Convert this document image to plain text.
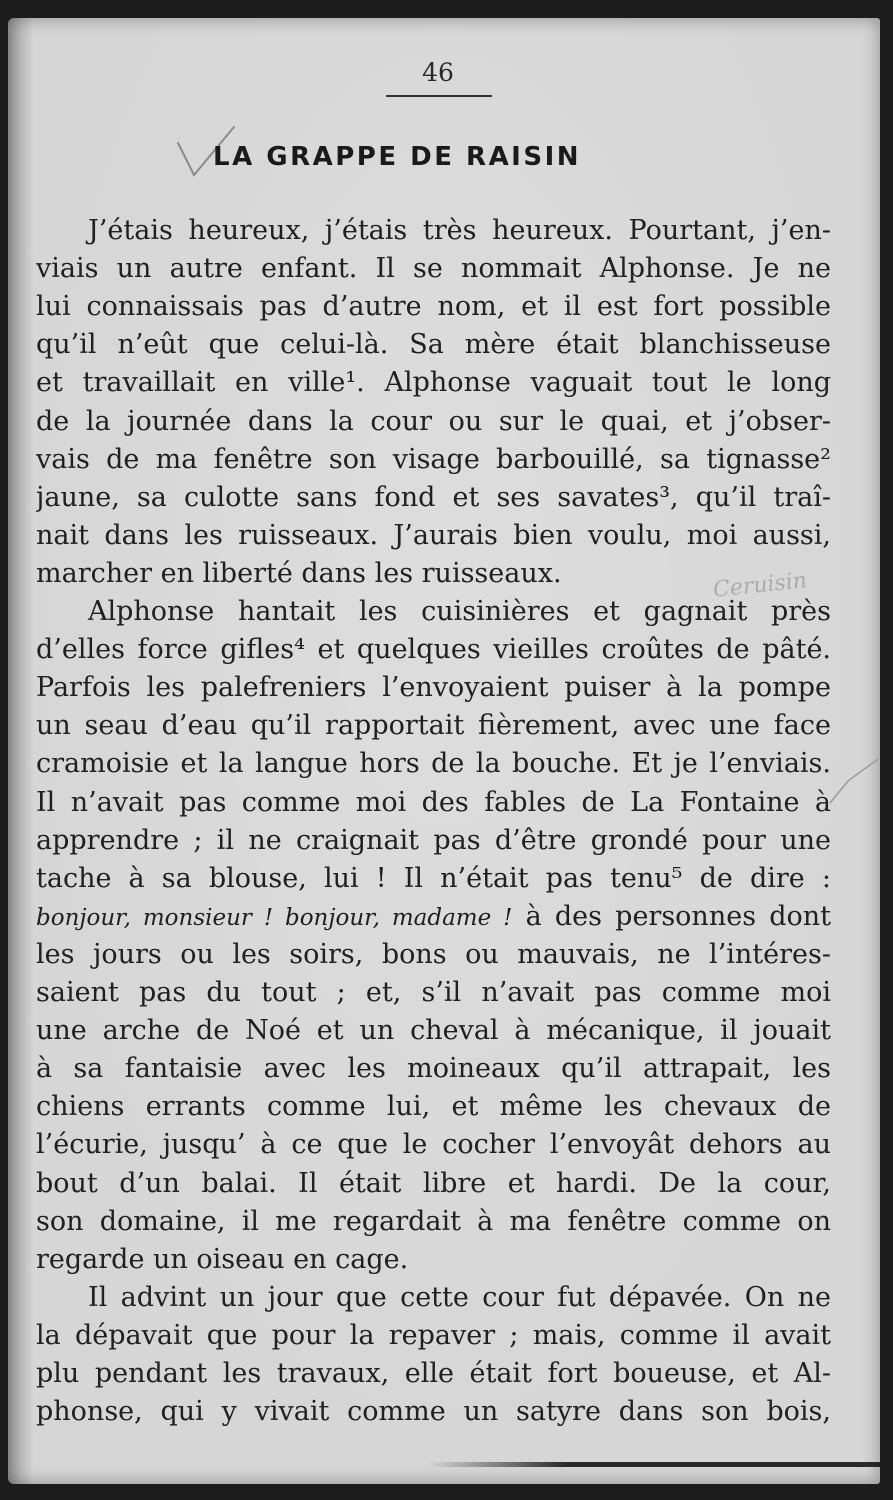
46
LA GRAPPE DE RAISIN
J’étais heureux, j’étais très heureux. Pourtant, j’en-
viais un autre enfant. Il se nommait Alphonse. Je ne
lui connaissais pas d’autre nom, et il est fort possible
qu’il n’eût que celui-là. Sa mère était blanchisseuse
et travaillait en ville¹. Alphonse vaguait tout le long
de la journée dans la cour ou sur le quai, et j’obser-
vais de ma fenêtre son visage barbouillé, sa tignasse²
jaune, sa culotte sans fond et ses savates³, qu’il traî-
nait dans les ruisseaux. J’aurais bien voulu, moi aussi,
marcher en liberté dans les ruisseaux.
Alphonse hantait les cuisinières et gagnait près
d’elles force gifles⁴ et quelques vieilles croûtes de pâté.
Parfois les palefreniers l’envoyaient puiser à la pompe
un seau d’eau qu’il rapportait fièrement, avec une face
cramoisie et la langue hors de la bouche. Et je l’enviais.
Il n’avait pas comme moi des fables de La Fontaine à
apprendre ; il ne craignait pas d’être grondé pour une
tache à sa blouse, lui ! Il n’était pas tenu⁵ de dire :
bonjour, monsieur ! bonjour, madame ! à des personnes dont
les jours ou les soirs, bons ou mauvais, ne l’intéres-
saient pas du tout ; et, s’il n’avait pas comme moi
une arche de Noé et un cheval à mécanique, il jouait
à sa fantaisie avec les moineaux qu’il attrapait, les
chiens errants comme lui, et même les chevaux de
l’écurie, jusqu’ à ce que le cocher l’envoyât dehors au
bout d’un balai. Il était libre et hardi. De la cour,
son domaine, il me regardait à ma fenêtre comme on
regarde un oiseau en cage.
Il advint un jour que cette cour fut dépavée. On ne
la dépavait que pour la repaver ; mais, comme il avait
plu pendant les travaux, elle était fort boueuse, et Al-
phonse, qui y vivait comme un satyre dans son bois,
Ceruisin
